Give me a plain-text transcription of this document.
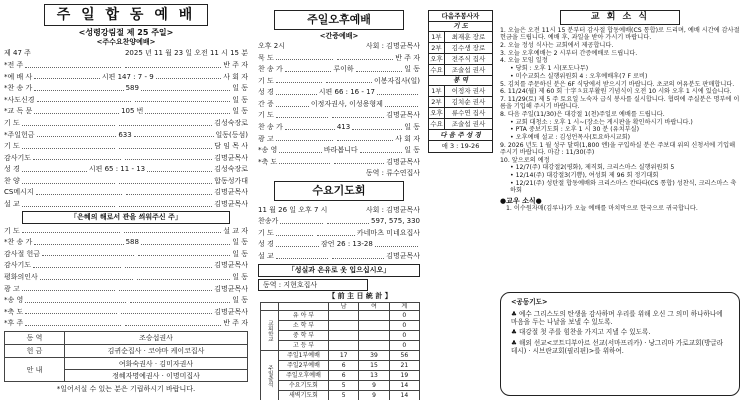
주 일 합 동 예 배
<성령강림절 제 25 주일>
<주수요찬양예배>
제 47 주	2025 년 11 월 23 일 오전 11 시 15 분
*전 주	반 주 자
*예 배 사	시편 147 : 7 - 9	사 회 자
*찬 송 가	589	일 동
*사도신경	일 동
*교 독 문	105 번	일 동
기 도	김성숙장로
*주일헌금	633	일동(등섬)
기 도	담 임 목 사
감사기도	김명균목사
성 경	시편 65 : 11 - 13	김성숙장로
찬 양	합동성가대
CS메시지	김명균목사
설 교	김명균목사
「은혜의 해로서 관을 씌워주신 주」
기 도	설 교 자
*찬 송 가	588	일 동
감사절 헌금	일 동
감사기도	김명균목사
평화의인사	일 동
광 고	김명균목사
*송 영	일 동
*축 도	김명균목사
*후 주	반 주 자
동 역	조승섭권사
헌 금	김귀순집사 · 코야마 케이코집사
안 내	여화숙권사 · 김미자권사
	정혜자명예권사 · 이명미집사
*일어서실 수 있는 분은 기립하시기 바랍니다.
주일오후예배
<간증예배>
오후 2시	사회 : 김명균목사
묵 도	반 주 자
찬 송 가	루이하	일 동
기 도	이봉자집사(일)
성 경	시편 66 : 16 - 17
간 증	이정자권사, 이성용형제
기 도	김명균목사
찬 송 가	413	일 동
광 고	사 회 자
*송 영	바라봅니다	일 동
*축 도	김명균목사
동역 : 류수연집사
수요기도회
11 월 26 일 오후 7 시	사회 : 김명균목사
찬송가	597, 575, 330
기 도	카네마츠 미네요집사
성 경	잠언 26 : 13-28
설 교	김명균목사
「성실과 온유로 옷 입으십시오」
동역 : 지현호집사
【 前 主 日 統 計 】
		남	여	계
교회학교	유 아 부			0
	소 학 부			0
	중 학 부			0
	고 등 부			0
주일출석	주일1부예배	17	39	56
	주일2부예배	6	15	21
	주일오후예배	6	13	19
	수요기도회	5	9	14
	새벽기도회	5	9	14
다음주봉사자
기 도
1부	최재훈 장로
2부	김수생 장로
오후	전주식 집사
수요	조술섭 권사
봉 역
1부	이정자 권사
2부	김치순 권사
오후	류수연 집사
수요	조술섭 권사
다 음 주 성 경
애 3 : 19-26
교 회 소 식
1. 오늘은 오전 11시 15 분부터 감사절 합동예배(CS 통합)로 드리며, 예배 시간에 감사절 헌금을 드립니다. 예배 후, 과일을 받아 가시기 바랍니다.
2. 오늘 정성 식사는 교회에서 제공합니다.
3. 오늘 오후예배는 2 시부터 간증예배로 드립니다.
4. 오늘 모임 일정
• 당회 : 오후 1 시(포도나무)
• 미수교회스 실행위원회 4 : 오후예배후(7 F 로비)
5. 김치를 주문하신 분은 6F 식당에서 받으시기 바랍니다. 초코의 여유분도 판매합니다.
6. 11/24(월) 제 60 회 十字ㅊ묘부활원 기념식이 오전 10 시와 오후 1 시에 있습니다.
7. 11/29(토) 제 5 주 토요일 노숙자 급식 봉사를 실시합니다. 협력에 주실분은 명부에 이름을 기입해 주시기 바랍니다.
8. 다음 주일(11/30)은 대강절 1(천)주일로 예배를 드립니다.
• 교회 대청소 : 오후 1 시~(장소는 게시판을 확인하시기 바랍니다.)
• PTA 중보기도회 : 오후 1 시 30 분 (유치부실)
• 오후예배 설교 : 김성언목사(토요하시교회)
9. 2026 년도 1 월 성구 달력(1,800 엔)을 구입하실 분은 주보대 위의 신청서에 기입해 주시기 바랍니다. 마감 : 11/30(주)
10. 앞으로의 예정
• 12/7(주) 대강절2(평화), 제직회, 크리스마스 실행위원회 5
• 12/14(주) 대강절3(기쁨), 여성회 제 96 회 정기대회
• 12/21(주) 성탄절 합동예배와 크리스마스 칸타타(CS 통합) 성찬식, 크리스마스 축하회
●교우 소식●
1. 이수원자매(김루나)가 오늘 예배를 마치막으로 한국으로 귀국합니다.
<공동기도>
♣ 예수 그리스도의 탄생을 감사하며 우리를 위해 오신 그 의미 하나하나에 마음을 두는 나날을 보낼 수 있도록.
♣ 대강절 첫 주를 힘찬을 가지고 지낼 수 있도록.
♣ 해외 선교<코트디부아르 선교(서마프리카) · 낭그리마 가로교회(방글라데시) · 시브란교회(필리핀)>를 위하여.
